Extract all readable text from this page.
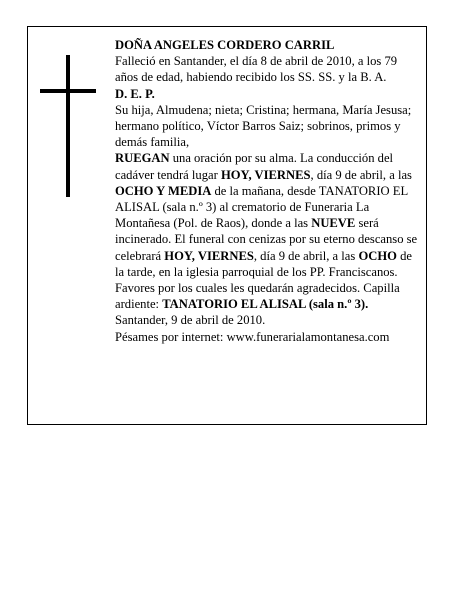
DOÑA ANGELES CORDERO CARRIL

Falleció en Santander, el día 8 de abril de 2010, a los 79 años de edad, habiendo recibido los SS. SS. y la B. A.

D. E. P.

Su hija, Almudena; nieta; Cristina; hermana, María Jesusa; hermano político, Víctor Barros Saiz; sobrinos, primos y demás familia,

RUEGAN una oración por su alma. La conducción del cadáver tendrá lugar HOY, VIERNES, día 9 de abril, a las OCHO Y MEDIA de la mañana, desde TANATORIO EL ALISAL (sala n.º 3) al crematorio de Funeraria La Montañesa (Pol. de Raos), donde a las NUEVE será incinerado. El funeral con cenizas por su eterno descanso se celebrará HOY, VIERNES, día 9 de abril, a las OCHO de la tarde, en la iglesia parroquial de los PP. Franciscanos. Favores por los cuales les quedarán agradecidos. Capilla ardiente: TANATORIO EL ALISAL (sala n.º 3).

Santander, 9 de abril de 2010.

Pésames por internet: www.funerarialamontanesa.com
